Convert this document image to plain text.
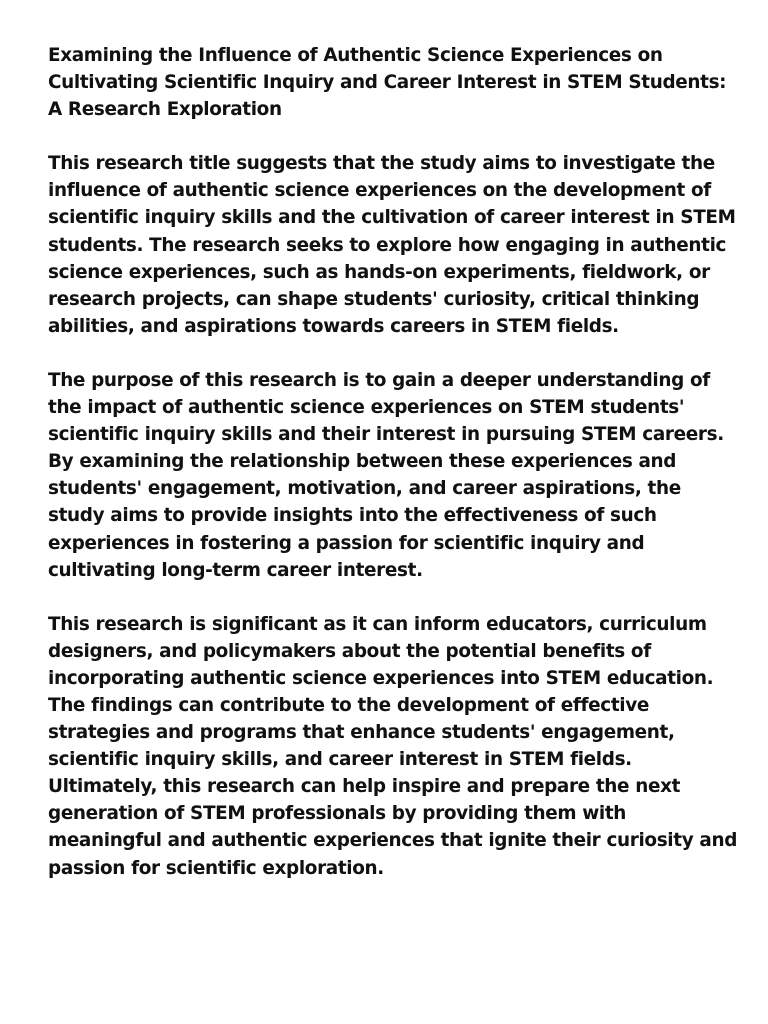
Examining the Influence of Authentic Science Experiences on Cultivating Scientific Inquiry and Career Interest in STEM Students: A Research Exploration

This research title suggests that the study aims to investigate the influence of authentic science experiences on the development of scientific inquiry skills and the cultivation of career interest in STEM students. The research seeks to explore how engaging in authentic science experiences, such as hands-on experiments, fieldwork, or research projects, can shape students' curiosity, critical thinking abilities, and aspirations towards careers in STEM fields.

The purpose of this research is to gain a deeper understanding of the impact of authentic science experiences on STEM students' scientific inquiry skills and their interest in pursuing STEM careers. By examining the relationship between these experiences and students' engagement, motivation, and career aspirations, the study aims to provide insights into the effectiveness of such experiences in fostering a passion for scientific inquiry and cultivating long-term career interest.

This research is significant as it can inform educators, curriculum designers, and policymakers about the potential benefits of incorporating authentic science experiences into STEM education. The findings can contribute to the development of effective strategies and programs that enhance students' engagement, scientific inquiry skills, and career interest in STEM fields. Ultimately, this research can help inspire and prepare the next generation of STEM professionals by providing them with meaningful and authentic experiences that ignite their curiosity and passion for scientific exploration.
